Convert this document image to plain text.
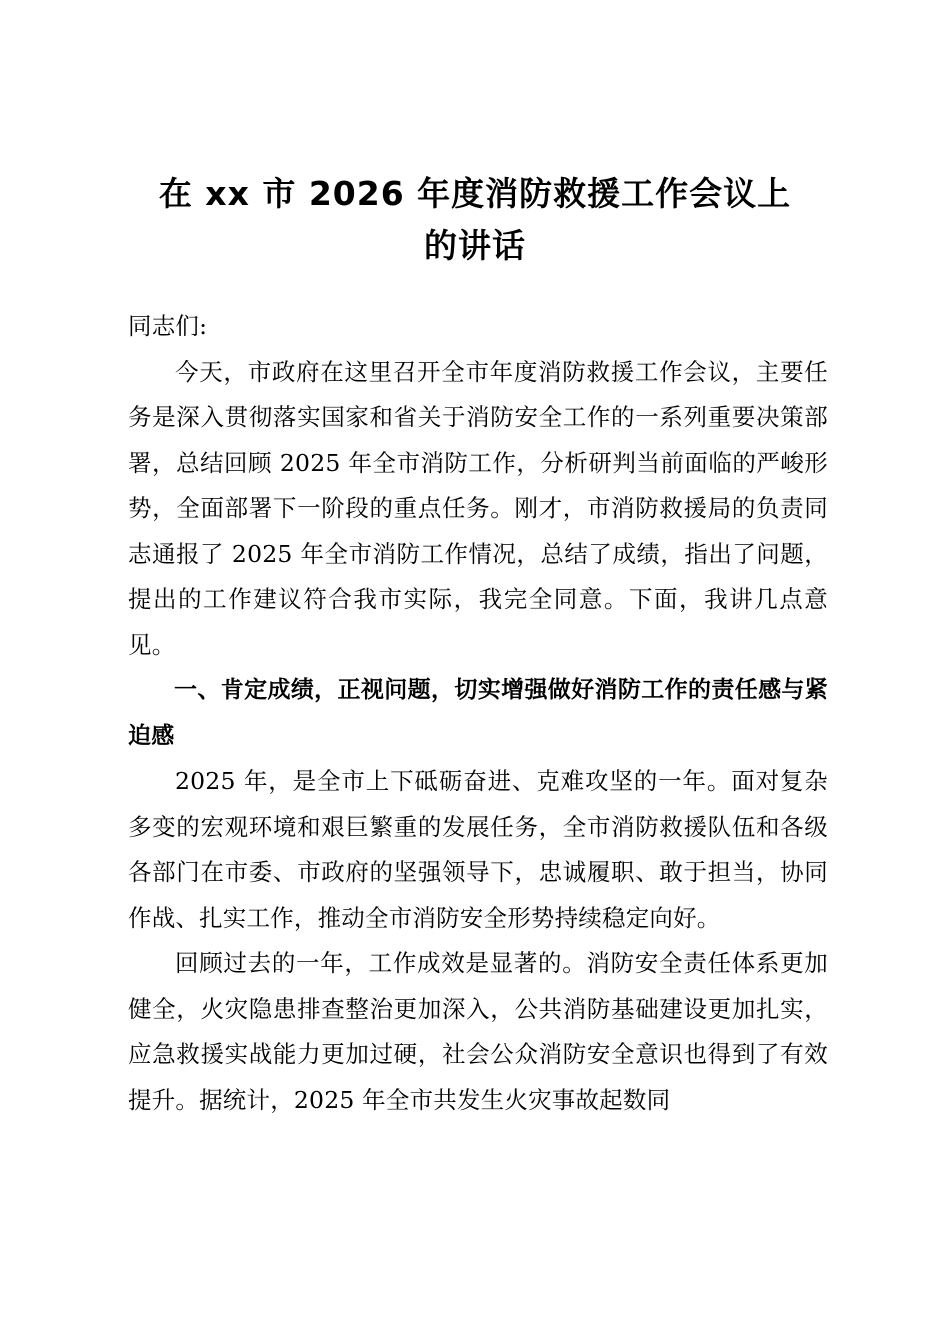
在 xx 市 2026 年度消防救援工作会议上
的讲话

同志们:

今天，市政府在这里召开全市年度消防救援工作会议，主要任务是深入贯彻落实国家和省关于消防安全工作的一系列重要决策部署，总结回顾 2025 年全市消防工作，分析研判当前面临的严峻形势，全面部署下一阶段的重点任务。刚才，市消防救援局的负责同志通报了 2025 年全市消防工作情况，总结了成绩，指出了问题，提出的工作建议符合我市实际，我完全同意。下面，我讲几点意见。

一、肯定成绩，正视问题，切实增强做好消防工作的责任感与紧迫感

2025 年，是全市上下砥砺奋进、克难攻坚的一年。面对复杂多变的宏观环境和艰巨繁重的发展任务，全市消防救援队伍和各级各部门在市委、市政府的坚强领导下，忠诚履职、敢于担当，协同作战、扎实工作，推动全市消防安全形势持续稳定向好。

回顾过去的一年，工作成效是显著的。消防安全责任体系更加健全，火灾隐患排查整治更加深入，公共消防基础建设更加扎实，应急救援实战能力更加过硬，社会公众消防安全意识也得到了有效提升。据统计，2025 年全市共发生火灾事故起数同
